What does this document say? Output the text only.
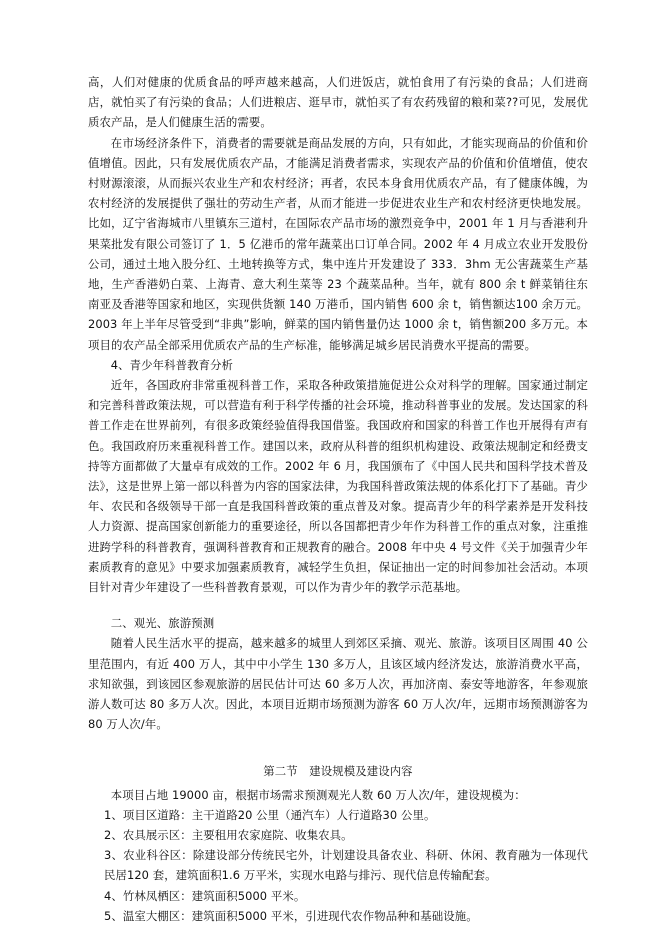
高，人们对健康的优质食品的呼声越来越高，人们进饭店，就怕食用了有污染的食品；人们进商店，就怕买了有污染的食品；人们进粮店、逛早市，就怕买了有农药残留的粮和菜??可见，发展优质农产品，是人们健康生活的需要。

在市场经济条件下，消费者的需要就是商品发展的方向，只有如此，才能实现商品的价值和价值增值。因此，只有发展优质农产品，才能满足消费者需求，实现农产品的价值和价值增值，使农村财源滚滚，从而振兴农业生产和农村经济；再者，农民本身食用优质农产品，有了健康体魄，为农村经济的发展提供了强壮的劳动生产者，从而才能进一步促进农业生产和农村经济更快地发展。比如，辽宁省海城市八里镇东三道村，在国际农产品市场的激烈竞争中，2001 年 1 月与香港利升果菜批发有限公司签订了 1．5 亿港币的常年蔬菜出口订单合同。2002 年 4 月成立农业开发股份公司，通过土地入股分红、土地转换等方式，集中连片开发建设了 333．3hm 无公害蔬菜生产基地，生产香港奶白菜、上海青、意大利生菜等 23 个蔬菜品种。当年，就有 800 余 t 鲜菜销往东南亚及香港等国家和地区，实现供货额 140 万港币，国内销售 600 余 t，销售额达100 余万元。2003 年上半年尽管受到“非典”影响，鲜菜的国内销售量仍达 1000 余 t，销售额200 多万元。本项目的农产品全部采用优质农产品的生产标准，能够满足城乡居民消费水平提高的需要。

4、青少年科普教育分析

近年，各国政府非常重视科普工作，采取各种政策措施促进公众对科学的理解。国家通过制定和完善科普政策法规，可以营造有利于科学传播的社会环境，推动科普事业的发展。发达国家的科普工作走在世界前列，有很多政策经验值得我国借鉴。我国政府和国家的科普工作也开展得有声有色。我国政府历来重视科普工作。建国以来，政府从科普的组织机构建设、政策法规制定和经费支持等方面都做了大量卓有成效的工作。2002 年 6 月，我国颁布了《中国人民共和国科学技术普及法》，这是世界上第一部以科普为内容的国家法律，为我国科普政策法规的体系化打下了基础。青少年、农民和各级领导干部一直是我国科普政策的重点普及对象。提高青少年的科学素养是开发科技人力资源、提高国家创新能力的重要途径，所以各国都把青少年作为科普工作的重点对象，注重推进跨学科的科普教育，强调科普教育和正规教育的融合。2008 年中央 4 号文件《关于加强青少年素质教育的意见》中要求加强素质教育，减轻学生负担，保证抽出一定的时间参加社会活动。本项目针对青少年建设了一些科普教育景观，可以作为青少年的教学示范基地。

二、观光、旅游预测

随着人民生活水平的提高，越来越多的城里人到郊区采摘、观光、旅游。该项目区周围 40 公里范围内，有近 400 万人，其中中小学生 130 多万人，且该区域内经济发达，旅游消费水平高，求知欲强，到该园区参观旅游的居民估计可达 60 多万人次，再加济南、泰安等地游客，年参观旅游人数可达 80 多万人次。因此，本项目近期市场预测为游客 60 万人次/年，远期市场预测游客为 80 万人次/年。

第二节　建设规模及建设内容

本项目占地 19000 亩，根据市场需求预测观光人数 60 万人次/年，建设规模为：

1、项目区道路：主干道路20 公里（通汽车）人行道路30 公里。

2、农具展示区：主要租用农家庭院、收集农具。

3、农业科谷区：除建设部分传统民宅外，计划建设具备农业、科研、休闲、教育融为一体现代民居120 套，建筑面积1.6 万平米，实现水电路与排污、现代信息传输配套。

4、竹林凤栖区：建筑面积5000 平米。

5、温室大棚区：建筑面积5000 平米，引进现代农作物品种和基础设施。
